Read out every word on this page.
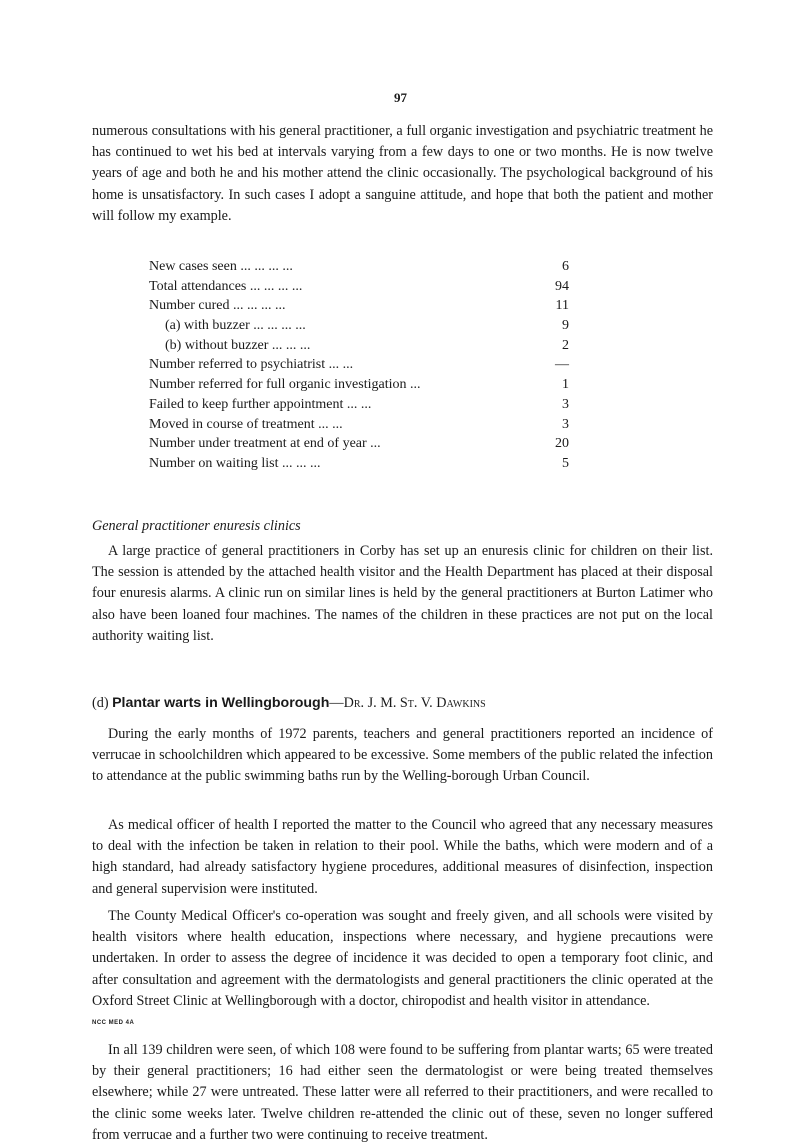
97

numerous consultations with his general practitioner, a full organic investigation and psychiatric treatment he has continued to wet his bed at intervals varying from a few days to one or two months. He is now twelve years of age and both he and his mother attend the clinic occasionally. The psychological background of his home is unsatisfactory. In such cases I adopt a sanguine attitude, and hope that both the patient and mother will follow my example.

New cases seen ... ... ... ...	6
Total attendances ... ... ... ...	94
Number cured ... ... ... ...	11
(a) with buzzer ... ... ... ...	9
(b) without buzzer ... ... ...	2
Number referred to psychiatrist ... ...	—
Number referred for full organic investigation ...	1
Failed to keep further appointment ... ...	3
Moved in course of treatment ... ...	3
Number under treatment at end of year ...	20
Number on waiting list ... ... ...	5

General practitioner enuresis clinics

A large practice of general practitioners in Corby has set up an enuresis clinic for children on their list. The session is attended by the attached health visitor and the Health Department has placed at their disposal four enuresis alarms. A clinic run on similar lines is held by the general practitioners at Burton Latimer who also have been loaned four machines. The names of the children in these practices are not put on the local authority waiting list.

(d) Plantar warts in Wellingborough—Dr. J. M. St. V. Dawkins

During the early months of 1972 parents, teachers and general practitioners reported an incidence of verrucae in schoolchildren which appeared to be excessive. Some members of the public related the infection to attendance at the public swimming baths run by the Welling-borough Urban Council.

As medical officer of health I reported the matter to the Council who agreed that any necessary measures to deal with the infection be taken in relation to their pool. While the baths, which were modern and of a high standard, had already satisfactory hygiene procedures, additional measures of disinfection, inspection and general supervision were instituted.

The County Medical Officer's co-operation was sought and freely given, and all schools were visited by health visitors where health education, inspections where necessary, and hygiene precautions were undertaken. In order to assess the degree of incidence it was decided to open a temporary foot clinic, and after consultation and agreement with the dermatologists and general practitioners the clinic operated at the Oxford Street Clinic at Wellingborough with a doctor, chiropodist and health visitor in attendance.

In all 139 children were seen, of which 108 were found to be suffering from plantar warts; 65 were treated by their general practitioners; 16 had either seen the dermatologist or were being treated themselves elsewhere; while 27 were untreated. These latter were all referred to their practitioners, and were recalled to the clinic some weeks later. Twelve children re-attended the clinic out of these, seven no longer suffered from verrucae and a further two were continuing to receive treatment.

NCC MED 4A
